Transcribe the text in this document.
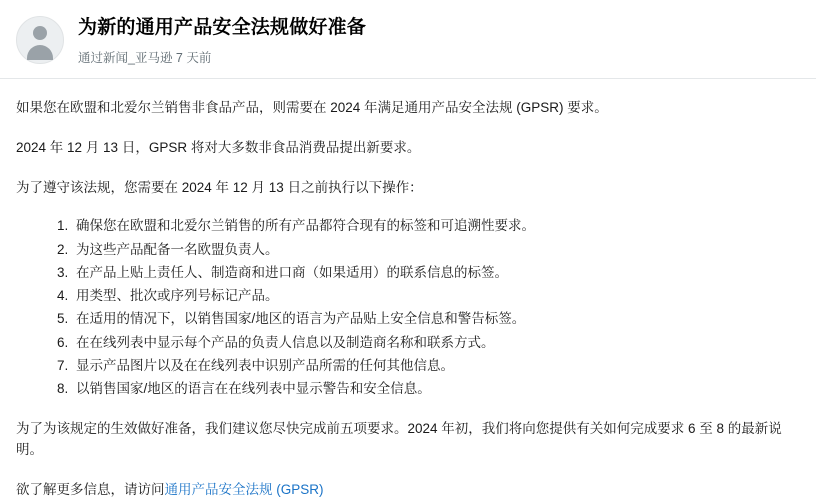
为新的通用产品安全法规做好准备
通过新闻_亚马逊 7 天前

如果您在欧盟和北爱尔兰销售非食品产品，则需要在 2024 年满足通用产品安全法规 (GPSR) 要求。

2024 年 12 月 13 日，GPSR 将对大多数非食品消费品提出新要求。

为了遵守该法规，您需要在 2024 年 12 月 13 日之前执行以下操作：

1. 确保您在欧盟和北爱尔兰销售的所有产品都符合现有的标签和可追溯性要求。
2. 为这些产品配备一名欧盟负责人。
3. 在产品上贴上责任人、制造商和进口商（如果适用）的联系信息的标签。
4. 用类型、批次或序列号标记产品。
5. 在适用的情况下，以销售国家/地区的语言为产品贴上安全信息和警告标签。
6. 在在线列表中显示每个产品的负责人信息以及制造商名称和联系方式。
7. 显示产品图片以及在在线列表中识别产品所需的任何其他信息。
8. 以销售国家/地区的语言在在线列表中显示警告和安全信息。

为了为该规定的生效做好准备，我们建议您尽快完成前五项要求。2024 年初，我们将向您提供有关如何完成要求 6 至 8 的最新说明。

欲了解更多信息，请访问通用产品安全法规 (GPSR)
